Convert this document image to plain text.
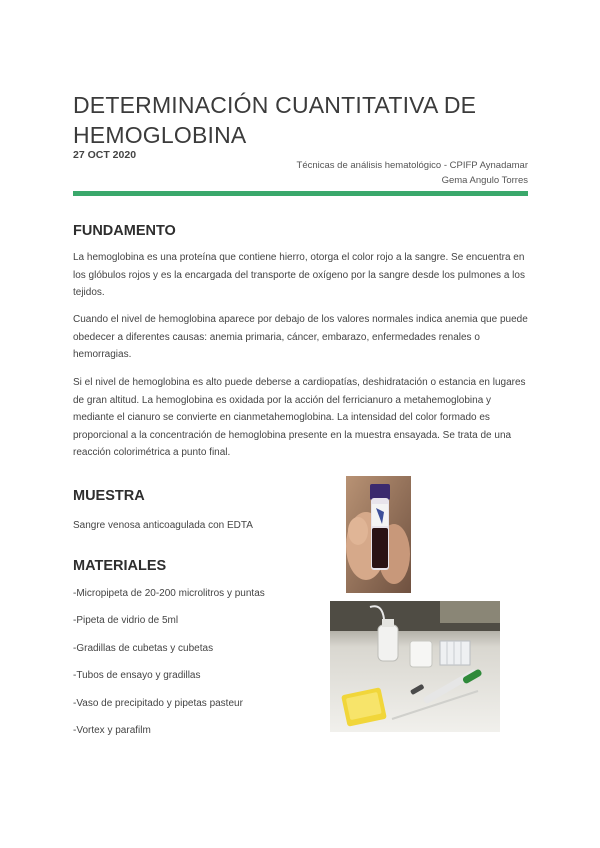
DETERMINACIÓN CUANTITATIVA DE HEMOGLOBINA
27 OCT 2020
Técnicas de análisis hematológico - CPIFP Aynadamar
Gema Angulo Torres
FUNDAMENTO

La hemoglobina es una proteína que contiene hierro, otorga el color rojo a la sangre. Se encuentra en los glóbulos rojos y es la encargada del transporte de oxígeno por la sangre desde los pulmones a los tejidos.

Cuando el nivel de hemoglobina aparece por debajo de los valores normales indica anemia que puede obedecer a diferentes causas: anemia primaria, cáncer, embarazo, enfermedades renales o hemorragias.

Si el nivel de hemoglobina es alto puede deberse a cardiopatías, deshidratación o estancia en lugares de gran altitud. La hemoglobina es oxidada por la acción del ferricianuro a metahemoglobina y mediante el cianuro se convierte en cianmetahemoglobina. La intensidad del color formado es proporcional a la concentración de hemoglobina presente en la muestra ensayada. Se trata de una reacción colorimétrica a punto final.

MUESTRA
Sangre venosa anticoagulada con EDTA
MATERIALES
-Micropipeta de 20-200 microlitros y puntas
-Pipeta de vidrio de 5ml
-Gradillas de cubetas y cubetas
-Tubos de ensayo y gradillas
-Vaso de precipitado y pipetas pasteur
-Vortex y parafilm
